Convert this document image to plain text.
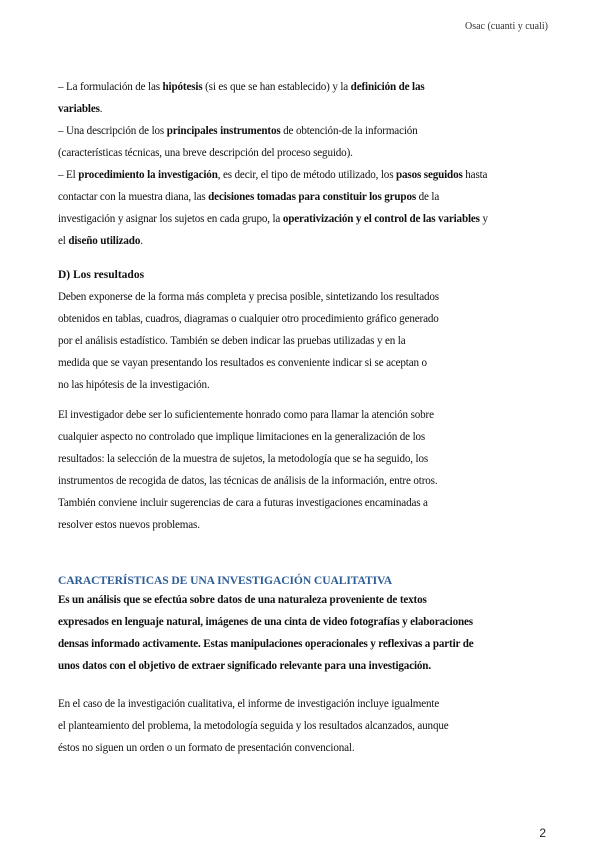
Osac (cuanti y cuali)

– La formulación de las hipótesis (si es que se han establecido) y la definición de las

variables.

– Una descripción de los principales instrumentos de obtención-de la información

(características técnicas, una breve descripción del proceso seguido).

– El procedimiento la investigación, es decir, el tipo de método utilizado, los pasos seguidos hasta

contactar con la muestra diana, las decisiones tomadas para constituir los grupos de la

investigación y asignar los sujetos en cada grupo, la operativización y el control de las variables y

el diseño utilizado.

D) Los resultados

Deben exponerse de la forma más completa y precisa posible, sintetizando los resultados

obtenidos en tablas, cuadros, diagramas o cualquier otro procedimiento gráfico generado

por el análisis estadístico. También se deben indicar las pruebas utilizadas y en la

medida que se vayan presentando los resultados es conveniente indicar si se aceptan o

no las hipótesis de la investigación.

El investigador debe ser lo suficientemente honrado como para llamar la atención sobre

cualquier aspecto no controlado que implique limitaciones en la generalización de los

resultados: la selección de la muestra de sujetos, la metodología que se ha seguido, los

instrumentos de recogida de datos, las técnicas de análisis de la información, entre otros.

También conviene incluir sugerencias de cara a futuras investigaciones encaminadas a

resolver estos nuevos problemas.

CARACTERÍSTICAS DE UNA INVESTIGACIÓN CUALITATIVA

Es un análisis que se efectúa sobre datos de una naturaleza proveniente de textos

expresados en lenguaje natural, imágenes de una cinta de video fotografías y elaboraciones

densas informado activamente. Estas manipulaciones operacionales y reflexivas a partir de

unos datos con el objetivo de extraer significado relevante para una investigación.

En el caso de la investigación cualitativa, el informe de investigación incluye igualmente

el planteamiento del problema, la metodología seguida y los resultados alcanzados, aunque

éstos no siguen un orden o un formato de presentación convencional.

2
